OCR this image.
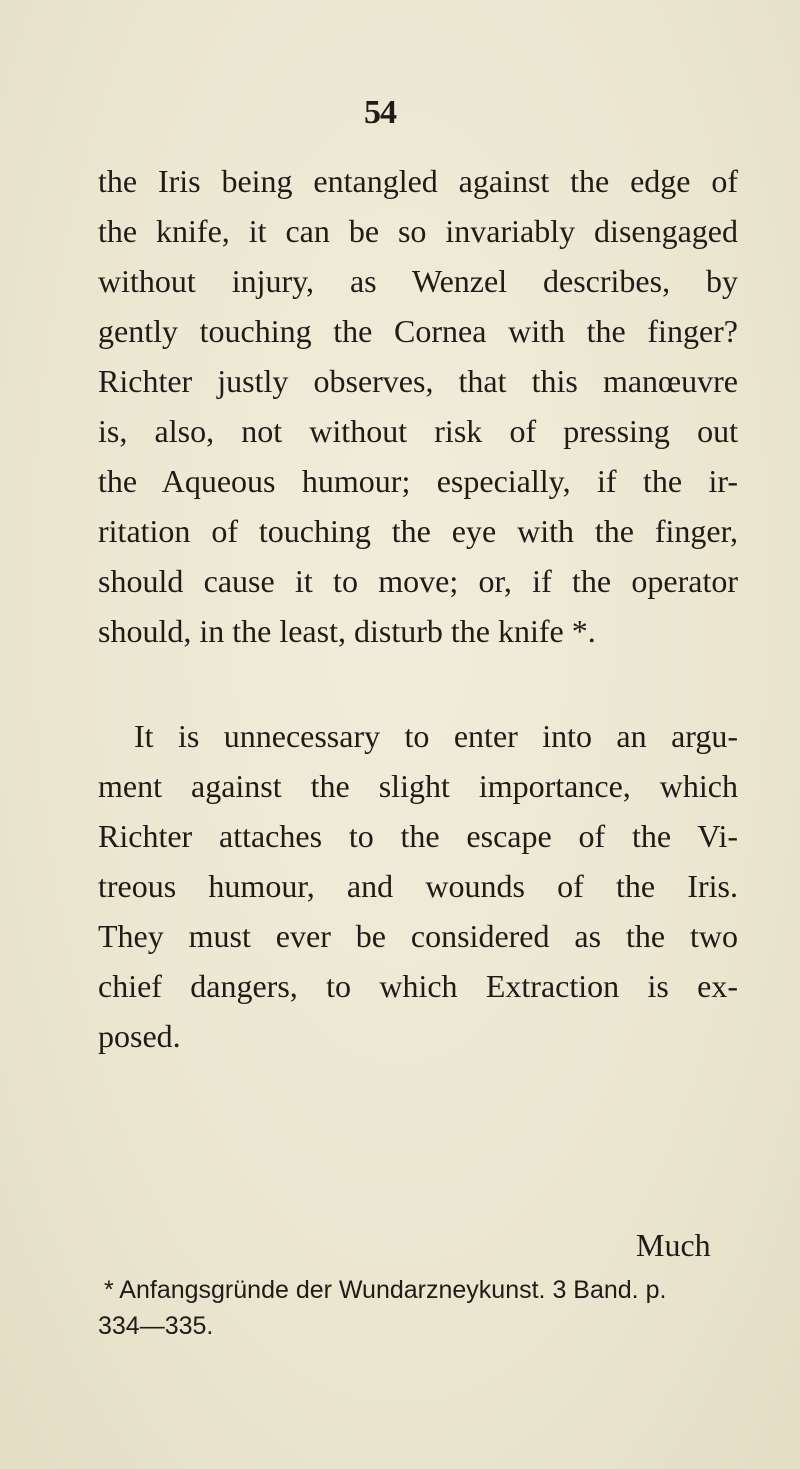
54
the Iris being entangled against the edge of
the knife, it can be so invariably disengaged
without injury, as Wenzel describes, by
gently touching the Cornea with the finger?
Richter justly observes, that this manœuvre
is, also, not without risk of pressing out
the Aqueous humour; especially, if the ir-
ritation of touching the eye with the finger,
should cause it to move; or, if the operator
should, in the least, disturb the knife *.
It is unnecessary to enter into an argu-
ment against the slight importance, which
Richter attaches to the escape of the Vi-
treous humour, and wounds of the Iris.
They must ever be considered as the two
chief dangers, to which Extraction is ex-
posed.
Much
* Anfangsgründe der Wundarzneykunst. 3 Band. p.
334—335.
